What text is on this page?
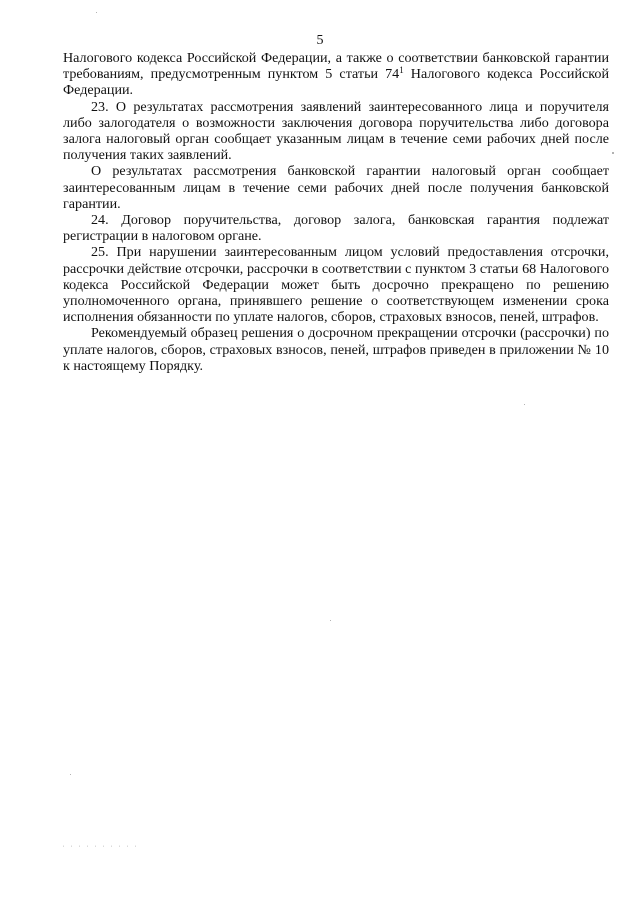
5

Налогового кодекса Российской Федерации, а также о соответствии банковской гарантии требованиям, предусмотренным пунктом 5 статьи $74^1$ Налогового кодекса Российской Федерации.

23. О результатах рассмотрения заявлений заинтересованного лица и поручителя либо залогодателя о возможности заключения договора поручительства либо договора залога налоговый орган сообщает указанным лицам в течение семи рабочих дней после получения таких заявлений.

О результатах рассмотрения банковской гарантии налоговый орган сообщает заинтересованным лицам в течение семи рабочих дней после получения банковской гарантии.

24. Договор поручительства, договор залога, банковская гарантия подлежат регистрации в налоговом органе.

25. При нарушении заинтересованным лицом условий предоставления отсрочки, рассрочки действие отсрочки, рассрочки в соответствии с пунктом 3 статьи 68 Налогового кодекса Российской Федерации может быть досрочно прекращено по решению уполномоченного органа, принявшего решение о соответствующем изменении срока исполнения обязанности по уплате налогов, сборов, страховых взносов, пеней, штрафов.

Рекомендуемый образец решения о досрочном прекращении отсрочки (рассрочки) по уплате налогов, сборов, страховых взносов, пеней, штрафов приведен в приложении № 10 к настоящему Порядку.

· · · · · · · · · ·
